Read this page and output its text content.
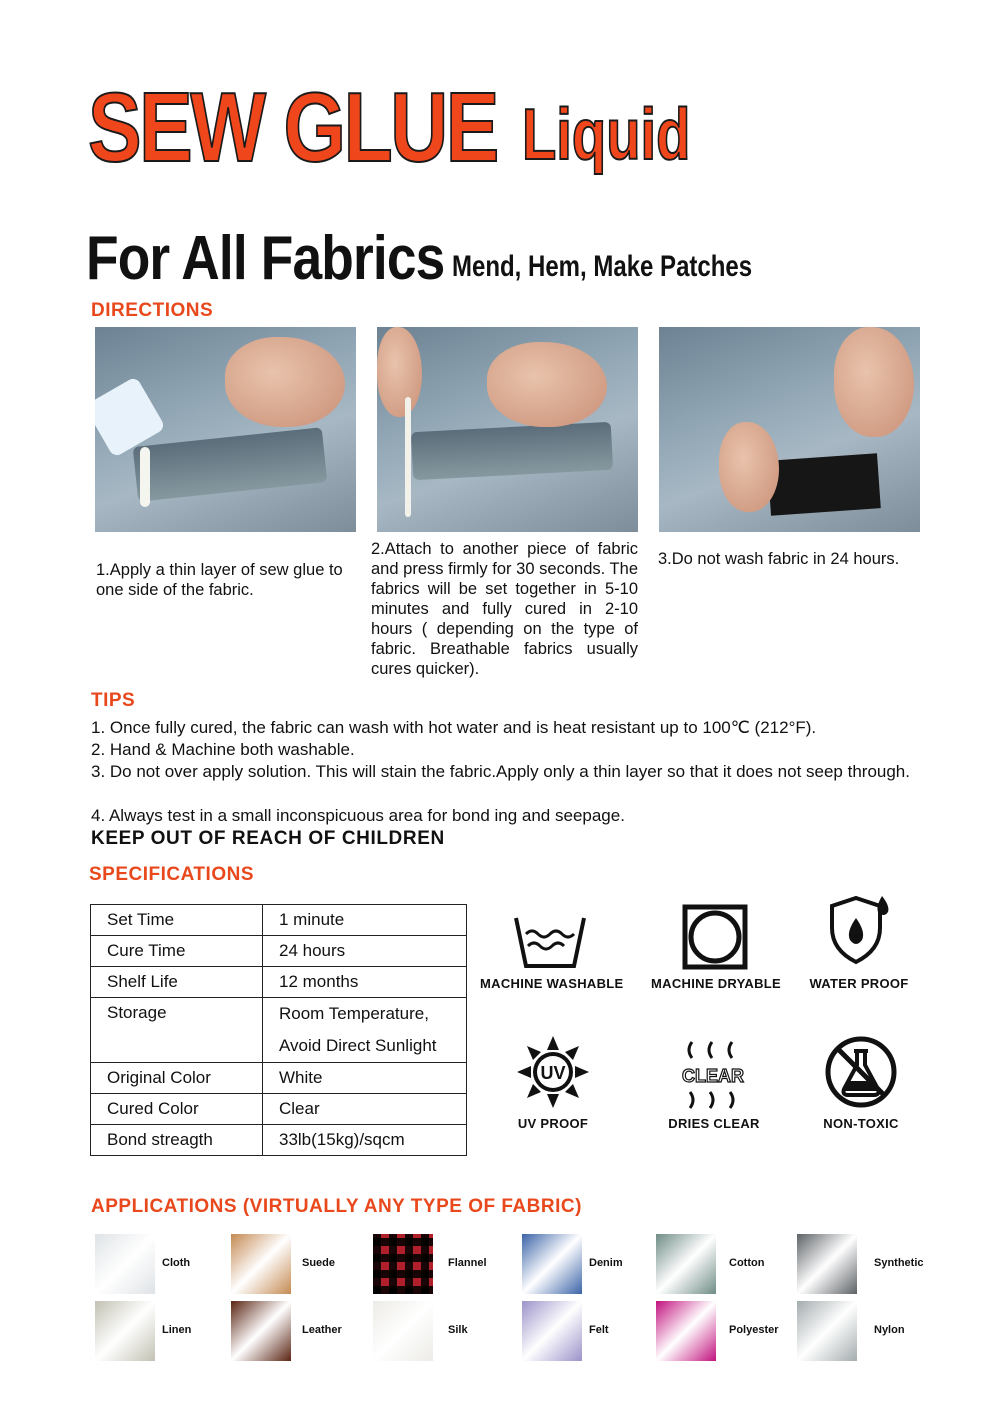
SEW GLUE Liquid
For All Fabrics Mend, Hem, Make Patches
DIRECTIONS
1.Apply a thin layer of sew glue to one side of the fabric.
2.Attach to another piece of fabric and press firmly for 30 seconds. The fabrics will be set together in 5-10 minutes and fully cured in 2-10 hours ( depending on the type of fabric. Breathable fabrics usually cures quicker).
3.Do not wash fabric in 24 hours.
TIPS
1. Once fully cured, the fabric can wash with hot water and is heat resistant up to 100℃ (212°F).
2. Hand & Machine both washable.
3. Do not over apply solution. This will stain the fabric.Apply only a thin layer so that it does not seep through.
4. Always test in a small inconspicuous area for bond ing and seepage.
KEEP OUT OF REACH OF CHILDREN
SPECIFICATIONS
Set Time	1 minute
Cure Time	24 hours
Shelf Life	12 months
Storage	Room Temperature,
Avoid Direct Sunlight

Original Color	White
Cured Color	Clear
Bond streagth	33lb(15kg)/sqcm
MACHINE WASHABLE MACHINE DRYABLE	WATER PROOF
UV
UV PROOF
CLEAR
DRIES CLEAR	NON-TOXIC
APPLICATIONS (VIRTUALLY ANY TYPE OF FABRIC)
Cloth	Suede	Flannel	Denim	Cotton	Synthetic
Linen	Leather	Silk	Felt	Polyester	Nylon
